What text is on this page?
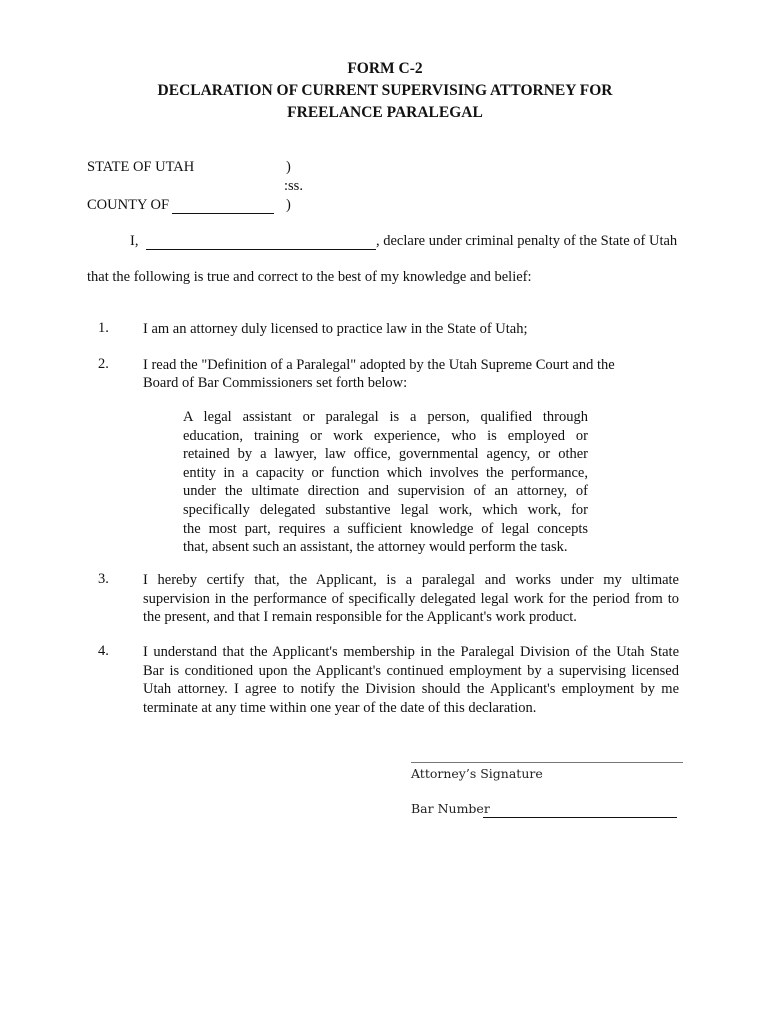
FORM C-2
DECLARATION OF CURRENT SUPERVISING ATTORNEY FOR
FREELANCE PARALEGAL
STATE OF UTAH	)
:ss.
COUNTY OF	)
I,	, declare under criminal penalty of the State of Utah
that the following is true and correct to the best of my knowledge and belief:
1. I am an attorney duly licensed to practice law in the State of Utah;
2. I read the "Definition of a Paralegal" adopted by the Utah Supreme Court and the
Board of Bar Commissioners set forth below:
A legal assistant or paralegal is a person, qualified through
education, training or work experience, who is employed or
retained by a lawyer, law office, governmental agency, or other
entity in a capacity or function which involves the performance,
under the ultimate direction and supervision of an attorney, of
specifically delegated substantive legal work, which work, for
the most part, requires a sufficient knowledge of legal concepts
that, absent such an assistant, the attorney would perform the task.
3. I hereby certify that, the Applicant, is a paralegal and works under my ultimate
supervision in the performance of specifically delegated legal work for the period from to
the present, and that I remain responsible for the Applicant's work product.
4. I understand that the Applicant's membership in the Paralegal Division of the Utah State
Bar is conditioned upon the Applicant's continued employment by a supervising licensed
Utah attorney. I agree to notify the Division should the Applicant's employment by me
terminate at any time within one year of the date of this declaration.
Attorney’s Signature
Bar Number
